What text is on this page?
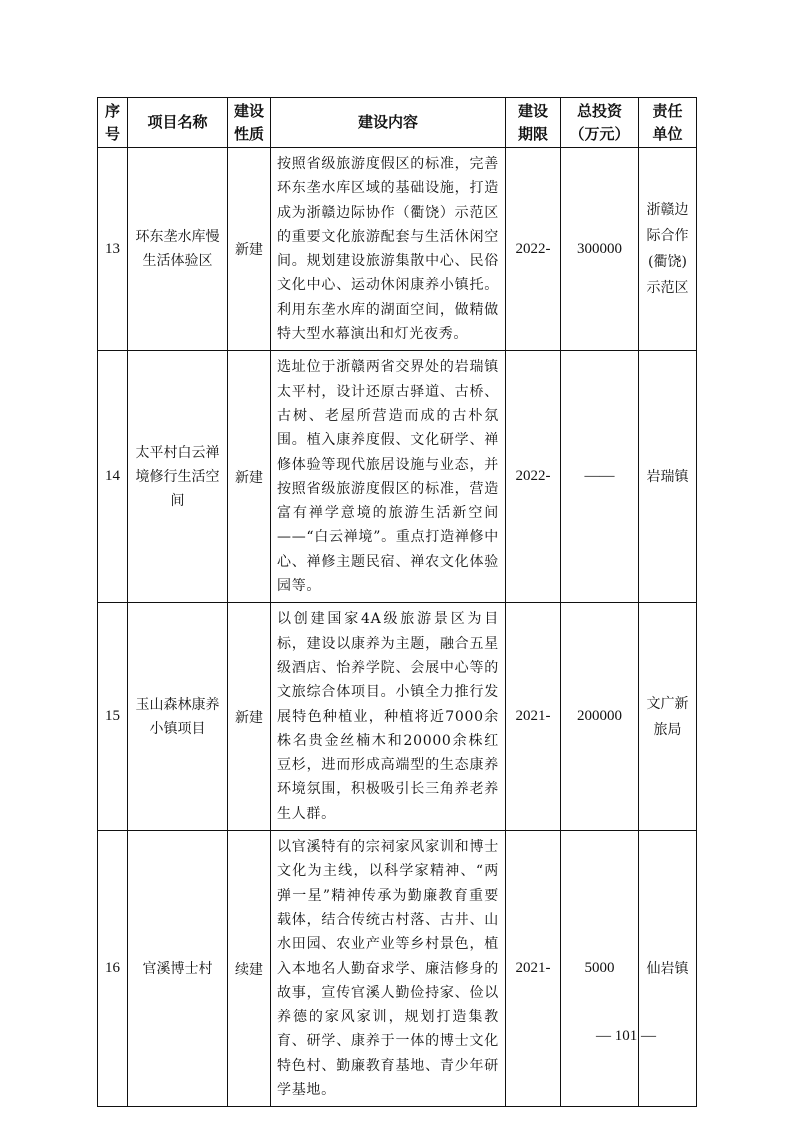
序号	项目名称	建设性质	建设内容	建设期限	总投资（万元）	责任单位

13	环东垄水库慢生活体验区	新建	按照省级旅游度假区的标准，完善环东垄水库区域的基础设施，打造成为浙赣边际协作（衢饶）示范区的重要文化旅游配套与生活休闲空间。规划建设旅游集散中心、民俗文化中心、运动休闲康养小镇托。利用东垄水库的湖面空间，做精做特大型水幕演出和灯光夜秀。	2022-	300000	浙赣边际合作(衢饶)示范区
14	太平村白云禅境修行生活空间	新建	选址位于浙赣两省交界处的岩瑞镇太平村，设计还原古驿道、古桥、古树、老屋所营造而成的古朴氛围。植入康养度假、文化研学、禅修体验等现代旅居设施与业态，并按照省级旅游度假区的标准，营造富有禅学意境的旅游生活新空间——“白云禅境”。重点打造禅修中心、禅修主题民宿、禅农文化体验园等。	2022-	——	岩瑞镇
15	玉山森林康养小镇项目	新建	以创建国家4A级旅游景区为目标，建设以康养为主题，融合五星级酒店、怡养学院、会展中心等的文旅综合体项目。小镇全力推行发展特色种植业，种植将近7000余株名贵金丝楠木和20000余株红豆杉，进而形成高端型的生态康养环境氛围，积极吸引长三角养老养生人群。	2021-	200000	文广新旅局
16	官溪博士村	续建	以官溪特有的宗祠家风家训和博士文化为主线，以科学家精神、“两弹一星”精神传承为勤廉教育重要载体，结合传统古村落、古井、山水田园、农业产业等乡村景色，植入本地名人勤奋求学、廉洁修身的故事，宣传官溪人勤俭持家、俭以养德的家风家训，规划打造集教育、研学、康养于一体的博士文化特色村、勤廉教育基地、青少年研学基地。	2021-	5000	仙岩镇
— 101 —
